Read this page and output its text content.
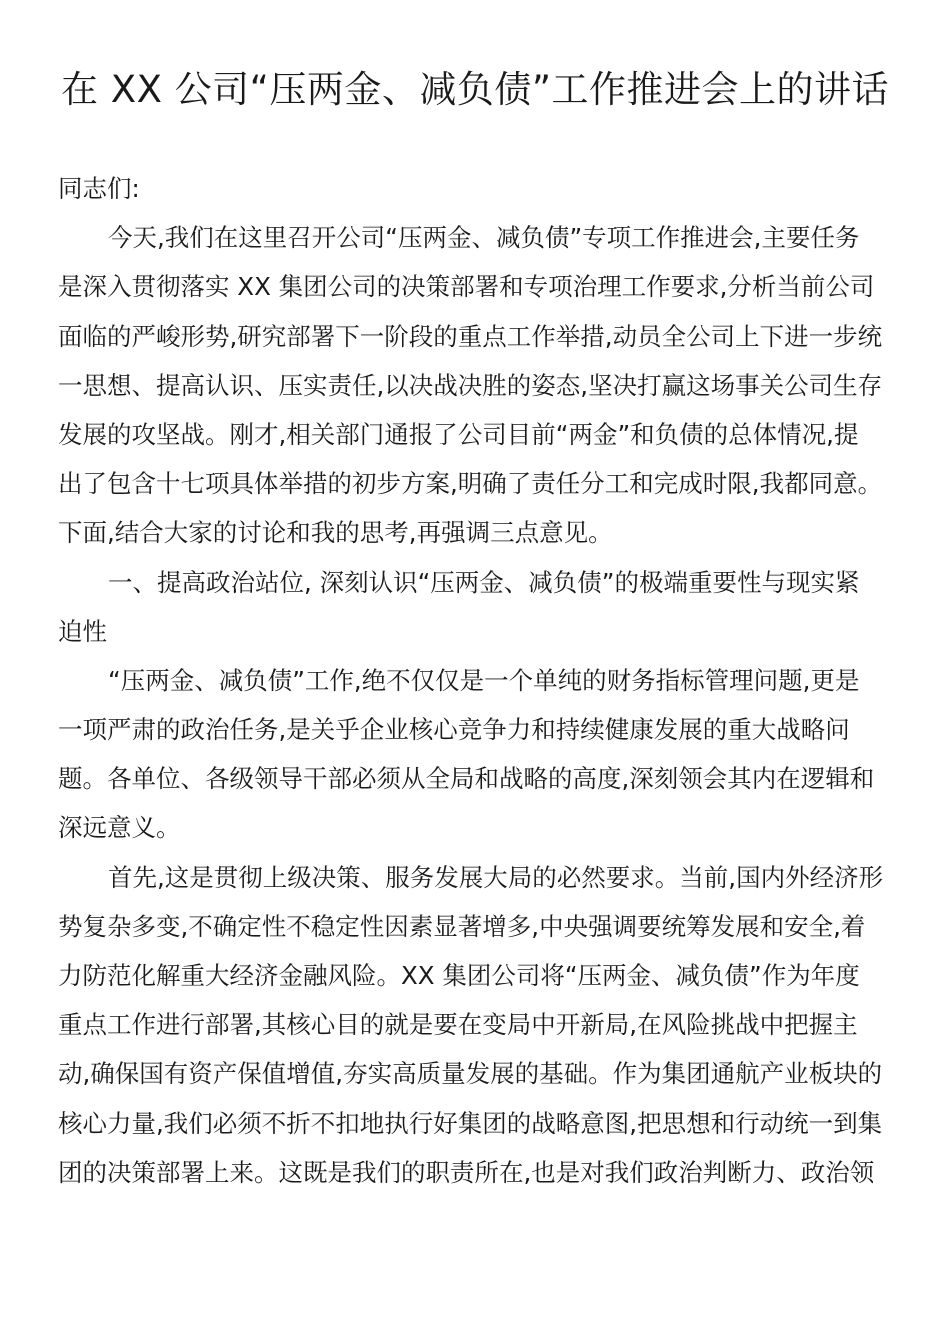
在 XX 公司“压两金、减负债”工作推进会上的讲话
同志们:
今天,我们在这里召开公司“压两金、减负债”专项工作推进会,主要任务
是深入贯彻落实 XX 集团公司的决策部署和专项治理工作要求,分析当前公司
面临的严峻形势,研究部署下一阶段的重点工作举措,动员全公司上下进一步统
一思想、提高认识、压实责任,以决战决胜的姿态,坚决打赢这场事关公司生存
发展的攻坚战。刚才,相关部门通报了公司目前“两金”和负债的总体情况,提
出了包含十七项具体举措的初步方案,明确了责任分工和完成时限,我都同意。
下面,结合大家的讨论和我的思考,再强调三点意见。
一、提高政治站位, 深刻认识“压两金、减负债”的极端重要性与现实紧
迫性
“压两金、减负债”工作,绝不仅仅是一个单纯的财务指标管理问题,更是
一项严肃的政治任务,是关乎企业核心竞争力和持续健康发展的重大战略问
题。各单位、各级领导干部必须从全局和战略的高度,深刻领会其内在逻辑和
深远意义。
首先,这是贯彻上级决策、服务发展大局的必然要求。当前,国内外经济形
势复杂多变,不确定性不稳定性因素显著增多,中央强调要统筹发展和安全,着
力防范化解重大经济金融风险。XX 集团公司将“压两金、减负债”作为年度
重点工作进行部署,其核心目的就是要在变局中开新局,在风险挑战中把握主
动,确保国有资产保值增值,夯实高质量发展的基础。作为集团通航产业板块的
核心力量,我们必须不折不扣地执行好集团的战略意图,把思想和行动统一到集
团的决策部署上来。这既是我们的职责所在,也是对我们政治判断力、政治领
